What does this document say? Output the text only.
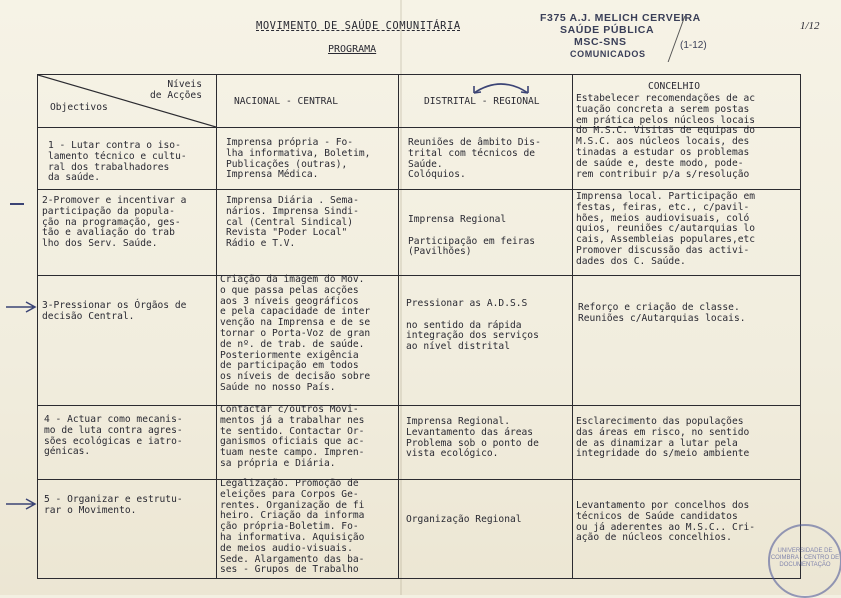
MOVIMENTO DE SAÚDE COMUNITÁRIA
PROGRAMA
F375 A.J. MELICH CERVEIRA
SAÚDE PÚBLICA
MSC-SNS
COMUNICADOS
(1-12)
1/12
Níveis
de Acções
Objectivos
NACIONAL - CENTRAL	DISTRITAL - REGIONAL
CONCELHIO
1 - Lutar contra o iso-
lamento técnico e cultu-
ral dos trabalhadores
da saúde.
Imprensa própria - Fo-
lha informativa, Boletim,
Publicações (outras),
Imprensa Médica.
Reuniões de âmbito Dis-
trital com técnicos de
Saúde.
Colóquios.
Estabelecer recomendações de ac
tuação concreta a serem postas
em prática pelos núcleos locais
do M.S.C. Visitas de equipas do
M.S.C. aos núcleos locais, des
tinadas a estudar os problemas
de saúde e, deste modo, pode-
rem contribuir p/a s/resolução
2-Promover e incentivar a
participação da popula-
ção na programação, ges-
tão e avaliação do trab
lho dos Serv. Saúde.
Imprensa Diária . Sema-
nários. Imprensa Sindi-
cal (Central Sindical)
Revista "Poder Local"
Rádio e T.V.
Imprensa Regional

Participação em feiras
(Pavilhões)
Imprensa local. Participação em
festas, feiras, etc., c/pavil-
hões, meios audiovisuais, coló
quios, reuniões c/autarquias lo
cais, Assembleias populares,etc
Promover discussão das activi-
dades dos C. Saúde.
3-Pressionar os Órgãos de
decisão Central.
Criação da imagem do Mov.
o que passa pelas acções
aos 3 níveis geográficos
e pela capacidade de inter
venção na Imprensa e de se
tornar o Porta-Voz de gran
de nº. de trab. de saúde.
Posteriormente exigência
de participação em todos
os níveis de decisão sobre
Saúde no nosso País.
Pressionar as A.D.S.S

no sentido da rápida
integração dos serviços
ao nível distrital
Reforço e criação de classe.
Reuniões c/Autarquias locais.
4 - Actuar como mecanis-
mo de luta contra agres-
sões ecológicas e iatro-
génicas.
Contactar c/outros Movi-
mentos já a trabalhar nes
te sentido. Contactar Or-
ganismos oficiais que ac-
tuam neste campo. Impren-
sa própria e Diária.
Imprensa Regional.
Levantamento das áreas
Problema sob o ponto de
vista ecológico.
Esclarecimento das populações
das áreas em risco, no sentido
de as dinamizar a lutar pela
integridade do s/meio ambiente
5 - Organizar e estrutu-
rar o Movimento.
Legalização. Promoção de
eleições para Corpos Ge-
rentes. Organização de fi
heiro. Criação da informa
ção própria-Boletim. Fo-
ha informativa. Aquisição
de meios audio-visuais.
Sede. Alargamento das ba-
ses - Grupos de Trabalho
Organização Regional
Levantamento por concelhos dos
técnicos de Saúde candidatos
ou já aderentes ao M.S.C.. Cri-
ação de núcleos concelhios.
UNIVERSIDADE DE COIMBRA · CENTRO DE DOCUMENTAÇÃO
